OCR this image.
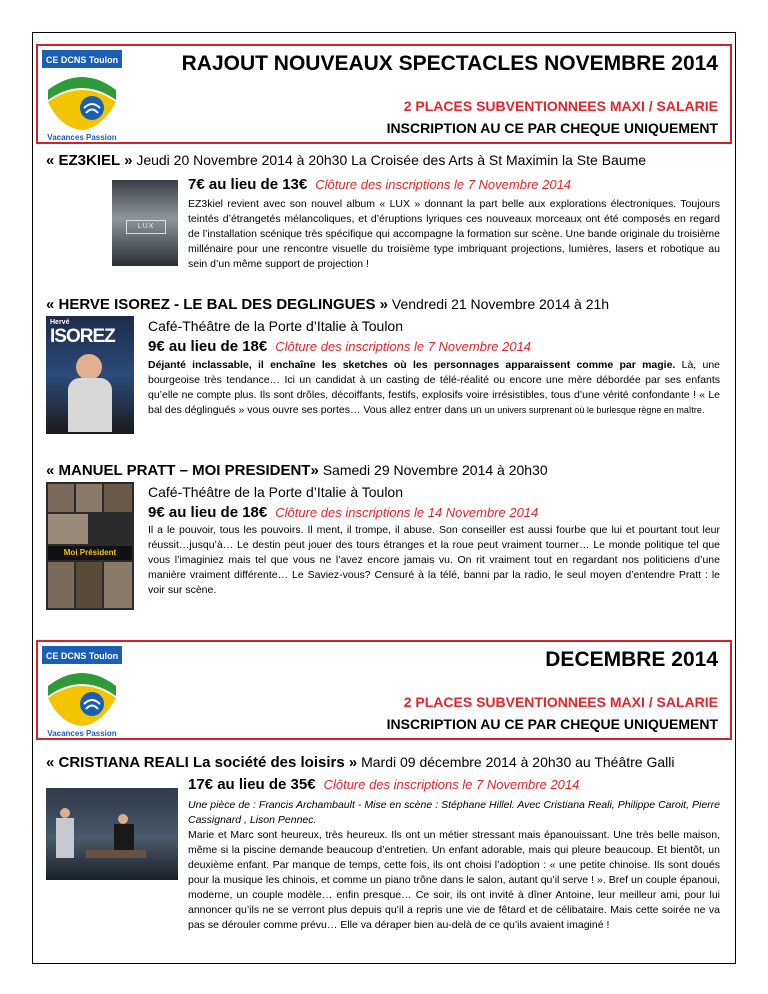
CE DCNS Toulon
Vacances Passion
RAJOUT NOUVEAUX SPECTACLES NOVEMBRE 2014
2 PLACES SUBVENTIONNEES MAXI / SALARIE
INSCRIPTION AU CE PAR CHEQUE UNIQUEMENT
« EZ3KIEL » Jeudi 20 Novembre 2014 à 20h30 La Croisée des Arts à St Maximin la Ste Baume
LUX
7€ au lieu de 13€ Clôture des inscriptions le 7 Novembre 2014
EZ3kiel revient avec son nouvel album « LUX » donnant la part belle aux explorations électroniques. Toujours teintés d’étrangetés mélancoliques, et d’éruptions lyriques ces nouveaux morceaux ont été composés en regard de l’installation scénique très spécifique qui accompagne la formation sur scène. Une bande originale du troisième millénaire pour une rencontre visuelle du troisième type imbriquant projections, lumières, lasers et robotique au sein d’un même support de projection !
« HERVE ISOREZ - LE BAL DES DEGLINGUES » Vendredi 21 Novembre 2014 à 21h
Hervé
ISOREZ Café-Théâtre de la Porte d’Italie à Toulon
9€ au lieu de 18€ Clôture des inscriptions le 7 Novembre 2014
Déjanté inclassable, il enchaîne les sketches où les personnages apparaissent comme par magie. Là, une bourgeoise très tendance… Ici un candidat à un casting de télé-réalité ou encore une mère débordée par ses enfants qu’elle ne compte plus. Ils sont drôles, décoiffants, festifs, explosifs voire irrésistibles, tous d’une vérité confondante ! « Le bal des déglingués » vous ouvre ses portes… Vous allez entrer dans un un univers surprenant où le burlesque règne en maître.
« MANUEL PRATT – MOI PRESIDENT» Samedi 29 Novembre 2014 à 20h30
Moi Président
Café-Théâtre de la Porte d’Italie à Toulon
9€ au lieu de 18€ Clôture des inscriptions le 14 Novembre 2014
Il a le pouvoir, tous les pouvoirs. Il ment, il trompe, il abuse. Son conseiller est aussi fourbe que lui et pourtant tout leur réussit…jusqu’à… Le destin peut jouer des tours étranges et la roue peut vraiment tourner… Le monde politique tel que vous l’imaginiez mais tel que vous ne l’avez encore jamais vu. On rit vraiment tout en regardant nos politiciens d’une manière vraiment différente… Le Saviez-vous? Censuré à la télé, banni par la radio, le seul moyen d’entendre Pratt : le voir sur scène.
CE DCNS Toulon
Vacances Passion
DECEMBRE 2014
2 PLACES SUBVENTIONNEES MAXI / SALARIE
INSCRIPTION AU CE PAR CHEQUE UNIQUEMENT
« CRISTIANA REALI La société des loisirs » Mardi 09 décembre 2014 à 20h30 au Théâtre Galli
17€ au lieu de 35€ Clôture des inscriptions le 7 Novembre 2014
Une pièce de : Francis Archambault - Mise en scène : Stéphane Hillel. Avec Cristiana Reali, Philippe Caroit, Pierre Cassignard , Lison Pennec.
Marie et Marc sont heureux, très heureux. Ils ont un métier stressant mais épanouissant. Une très belle maison, même si la piscine demande beaucoup d’entretien. Un enfant adorable, mais qui pleure beaucoup. Et bientôt, un deuxième enfant. Par manque de temps, cette fois, ils ont choisi l’adoption : « une petite chinoise. Ils sont doués pour la musique les chinois, et comme un piano trône dans le salon, autant qu’il serve ! ». Bref un couple épanoui, moderne, un couple modèle… enfin presque… Ce soir, ils ont invité à dîner Antoine, leur meilleur ami, pour lui annoncer qu’ils ne se verront plus depuis qu’il a repris une vie de fêtard et de célibataire. Mais cette soirée ne va pas se dérouler comme prévu… Elle va déraper bien au-delà de ce qu’ils avaient imaginé !
